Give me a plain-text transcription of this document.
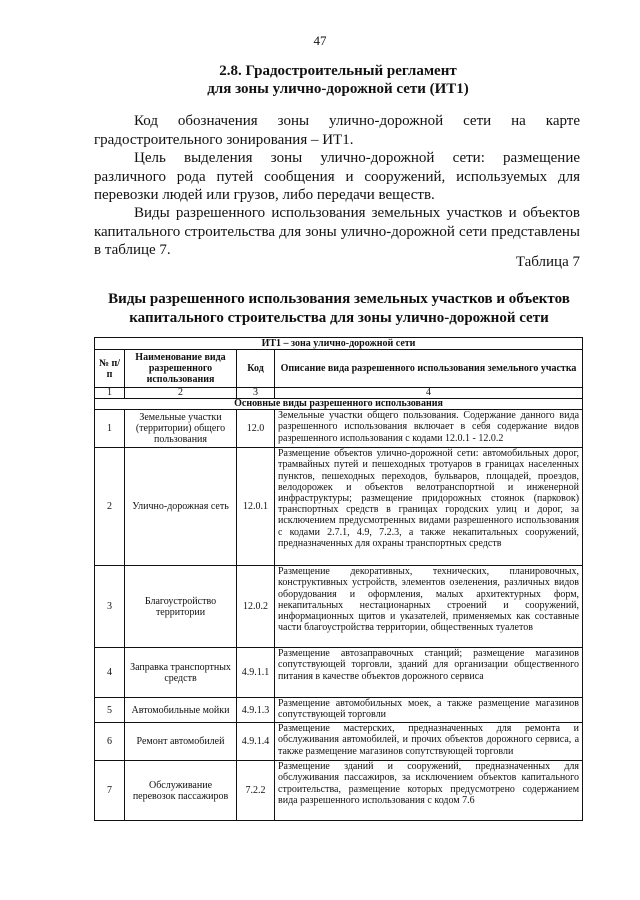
47
2.8. Градостроительный регламент
для зоны улично-дорожной сети (ИТ1)
Код обозначения зоны улично-дорожной сети на карте градостроительного зонирования – ИТ1.
Цель выделения зоны улично-дорожной сети: размещение различного рода путей сообщения и сооружений, используемых для перевозки людей или грузов, либо передачи веществ.
Виды разрешенного использования земельных участков и объектов капитального строительства для зоны улично-дорожной сети представлены в таблице 7.
Таблица 7
Виды разрешенного использования земельных участков и объектов
капитального строительства для зоны улично-дорожной сети
ИТ1 – зона улично-дорожной сети			
№ п/п	Наименование вида разрешенного использования	Код	Описание вида разрешенного использования земельного участка
1	2	3	4
Основные виды разрешенного использования			
1	Земельные участки (территории) общего пользования	12.0	Земельные участки общего пользования. Содержание данного вида разрешенного использования включает в себя содержание видов разрешенного использования с кодами 12.0.1 - 12.0.2
2	Улично-дорожная сеть	12.0.1	Размещение объектов улично-дорожной сети: автомобильных дорог, трамвайных путей и пешеходных тротуаров в границах населенных пунктов, пешеходных переходов, бульваров, площадей, проездов, велодорожек и объектов велотранспортной и инженерной инфраструктуры; размещение придорожных стоянок (парковок) транспортных средств в границах городских улиц и дорог, за исключением предусмотренных видами разрешенного использования с кодами 2.7.1, 4.9, 7.2.3, а также некапитальных сооружений, предназначенных для охраны транспортных средств
3	Благоустройство территории	12.0.2	Размещение декоративных, технических, планировочных, конструктивных устройств, элементов озеленения, различных видов оборудования и оформления, малых архитектурных форм, некапитальных нестационарных строений и сооружений, информационных щитов и указателей, применяемых как составные части благоустройства территории, общественных туалетов
4	Заправка транспортных средств	4.9.1.1	Размещение автозаправочных станций; размещение магазинов сопутствующей торговли, зданий для организации общественного питания в качестве объектов дорожного сервиса
5	Автомобильные мойки	4.9.1.3	Размещение автомобильных моек, а также размещение магазинов сопутствующей торговли
6	Ремонт автомобилей	4.9.1.4	Размещение мастерских, предназначенных для ремонта и обслуживания автомобилей, и прочих объектов дорожного сервиса, а также размещение магазинов сопутствующей торговли
7	Обслуживание перевозок пассажиров	7.2.2	Размещение зданий и сооружений, предназначенных для обслуживания пассажиров, за исключением объектов капитального строительства, размещение которых предусмотрено содержанием вида разрешенного использования с кодом 7.6
